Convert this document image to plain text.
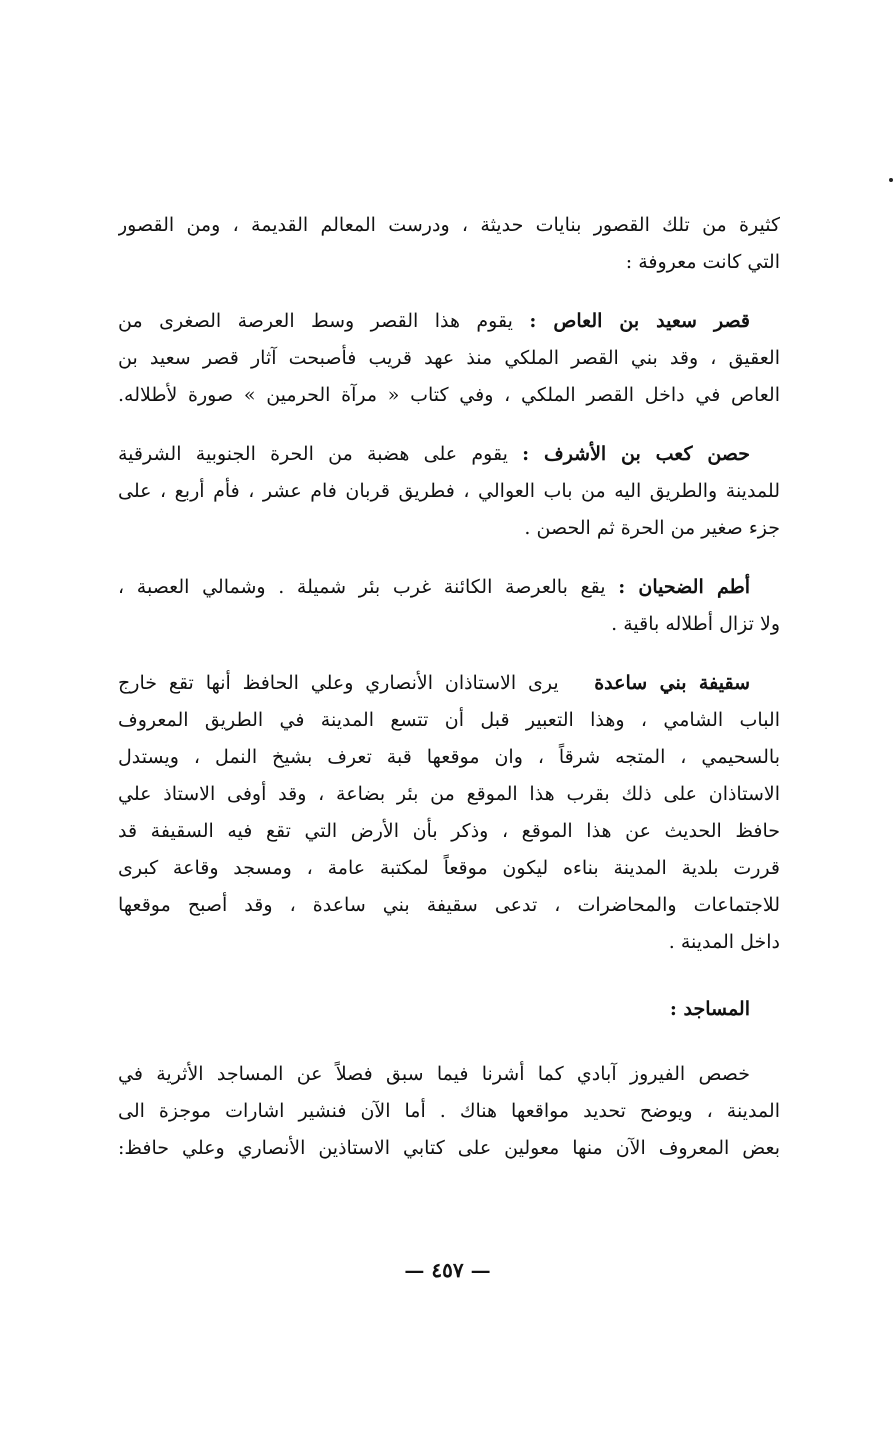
كثيرة من تلك القصور بنايات حديثة ، ودرست المعالم القديمة ، ومن القصور
التي كانت معروفة :
قصر سعيد بن العاص : يقوم هذا القصر وسط العرصة الصغرى من
العقيق ، وقد بني القصر الملكي منذ عهد قريب فأصبحت آثار قصر سعيد بن
العاص في داخل القصر الملكي ، وفي كتاب « مرآة الحرمين » صورة لأطلاله.
حصن كعب بن الأشرف : يقوم على هضبة من الحرة الجنوبية الشرقية
للمدينة والطريق اليه من باب العوالي ، فطريق قربان فام عشر ، فأم أربع ، على
جزء صغير من الحرة ثم الحصن .
أطم الضحيان : يقع بالعرصة الكائنة غرب بئر شميلة . وشمالي العصبة ،
ولا تزال أطلاله باقية .
سقيفة بني ساعدة   يرى الاستاذان الأنصاري وعلي الحافظ أنها تقع خارج
الباب الشامي ، وهذا التعبير قبل أن تتسع المدينة في الطريق المعروف
بالسحيمي ، المتجه شرقاً ، وان موقعها قبة تعرف بشيخ النمل ، ويستدل
الاستاذان على ذلك بقرب هذا الموقع من بئر بضاعة ، وقد أوفى الاستاذ علي
حافظ الحديث عن هذا الموقع ، وذكر بأن الأرض التي تقع فيه السقيفة قد
قررت بلدية المدينة بناءه ليكون موقعاً لمكتبة عامة ، ومسجد وقاعة كبرى
للاجتماعات والمحاضرات ، تدعى سقيفة بني ساعدة ، وقد أصبح موقعها
داخل المدينة .
المساجد :
خصص الفيروز آبادي كما أشرنا فيما سبق فصلاً عن المساجد الأثرية في
المدينة ، ويوضح تحديد مواقعها هناك . أما الآن فنشير اشارات موجزة الى
بعض المعروف الآن منها معولين على كتابي الاستاذين الأنصاري وعلي حافظ:
— ٤٥٧ —
